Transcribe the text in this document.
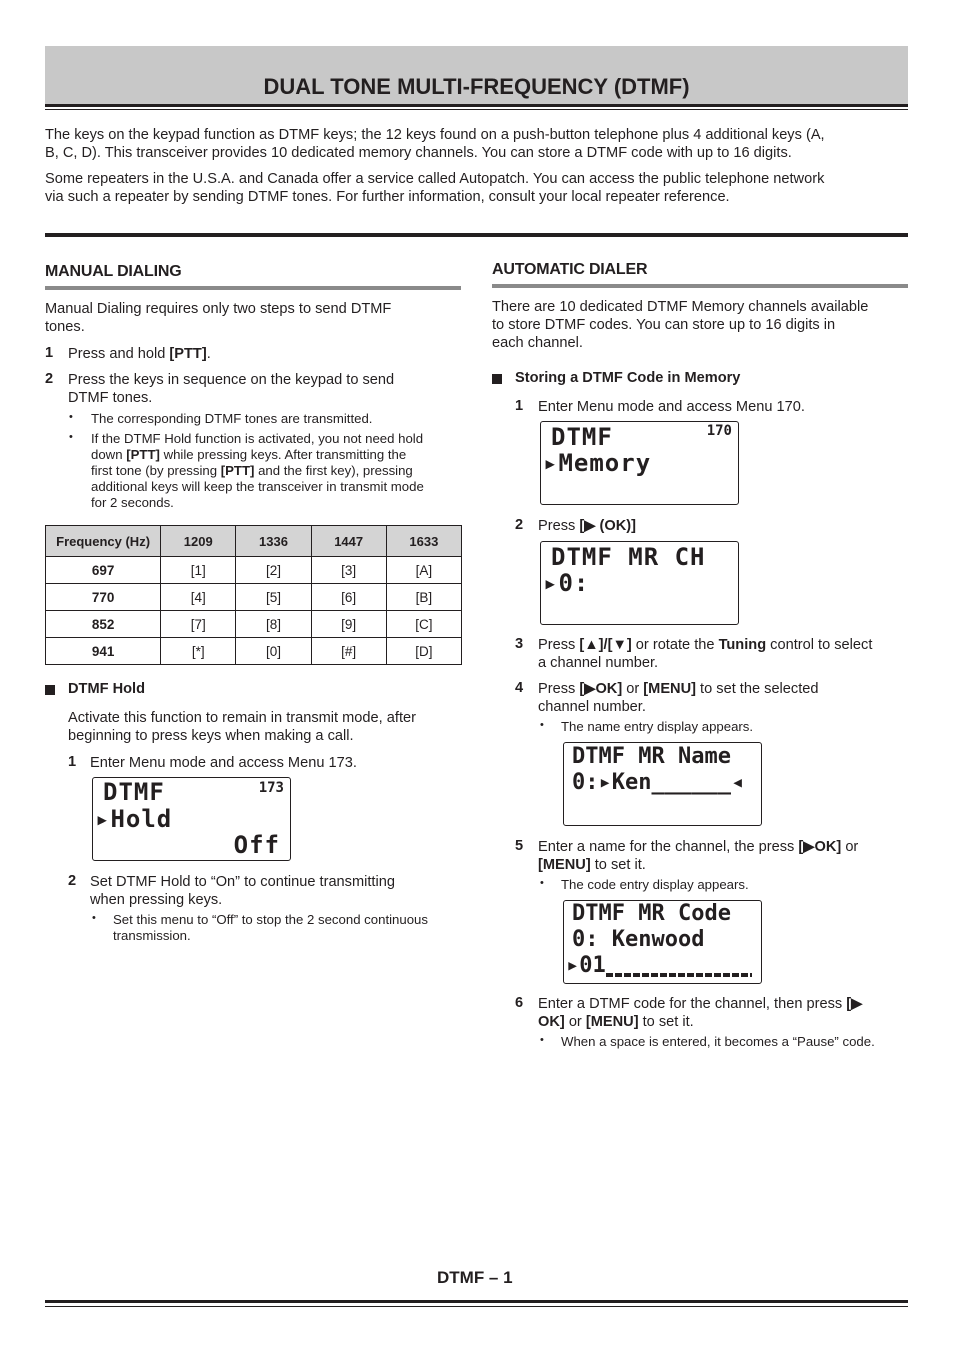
DUAL TONE MULTI-FREQUENCY (DTMF)
The keys on the keypad function as DTMF keys; the 12 keys found on a push-button telephone plus 4 additional keys (A,
B, C, D). This transceiver provides 10 dedicated memory channels. You can store a DTMF code with up to 16 digits.
Some repeaters in the U.S.A. and Canada offer a service called Autopatch. You can access the public telephone network
via such a repeater by sending DTMF tones. For further information, consult your local repeater reference.
MANUAL DIALING
Manual Dialing requires only two steps to send DTMF
tones.
1 Press and hold [PTT].
2 Press the keys in sequence on the keypad to send
DTMF tones.
• The corresponding DTMF tones are transmitted.
• If the DTMF Hold function is activated, you not need hold
down [PTT] while pressing keys. After transmitting the
first tone (by pressing [PTT] and the first key), pressing
additional keys will keep the transceiver in transmit mode
for 2 seconds.
Frequency (Hz)	1209	1336	1447	1633
697	[1]	[2]	[3]	[A]
770	[4]	[5]	[6]	[B]
852	[7]	[8]	[9]	[C]
941	[*]	[0]	[#]	[D]
DTMF Hold
Activate this function to remain in transmit mode, after
beginning to press keys when making a call.
1 Enter Menu mode and access Menu 173.
173
DTMF
▸Hold
Off
2 Set DTMF Hold to “On” to continue transmitting
when pressing keys.
• Set this menu to “Off” to stop the 2 second continuous
transmission.
AUTOMATIC DIALER
There are 10 dedicated DTMF Memory channels available
to store DTMF codes. You can store up to 16 digits in
each channel.
Storing a DTMF Code in Memory
1 Enter Menu mode and access Menu 170.
170
DTMF
▸Memory
2 Press [▶ (OK)]
DTMF MR CH
▸0:
3 Press [▲]/[▼] or rotate the Tuning control to select
a channel number.
4 Press [▶OK] or [MENU] to set the selected
channel number.
• The name entry display appears.
DTMF MR Name
0:▸Ken______◂
5 Enter a name for the channel, the press [▶OK] or
[MENU] to set it.
• The code entry display appears.
DTMF MR Code
0: Kenwood
▸01
6 Enter a DTMF code for the channel, then press [▶
OK] or [MENU] to set it.
• When a space is entered, it becomes a “Pause” code.
DTMF – 1
